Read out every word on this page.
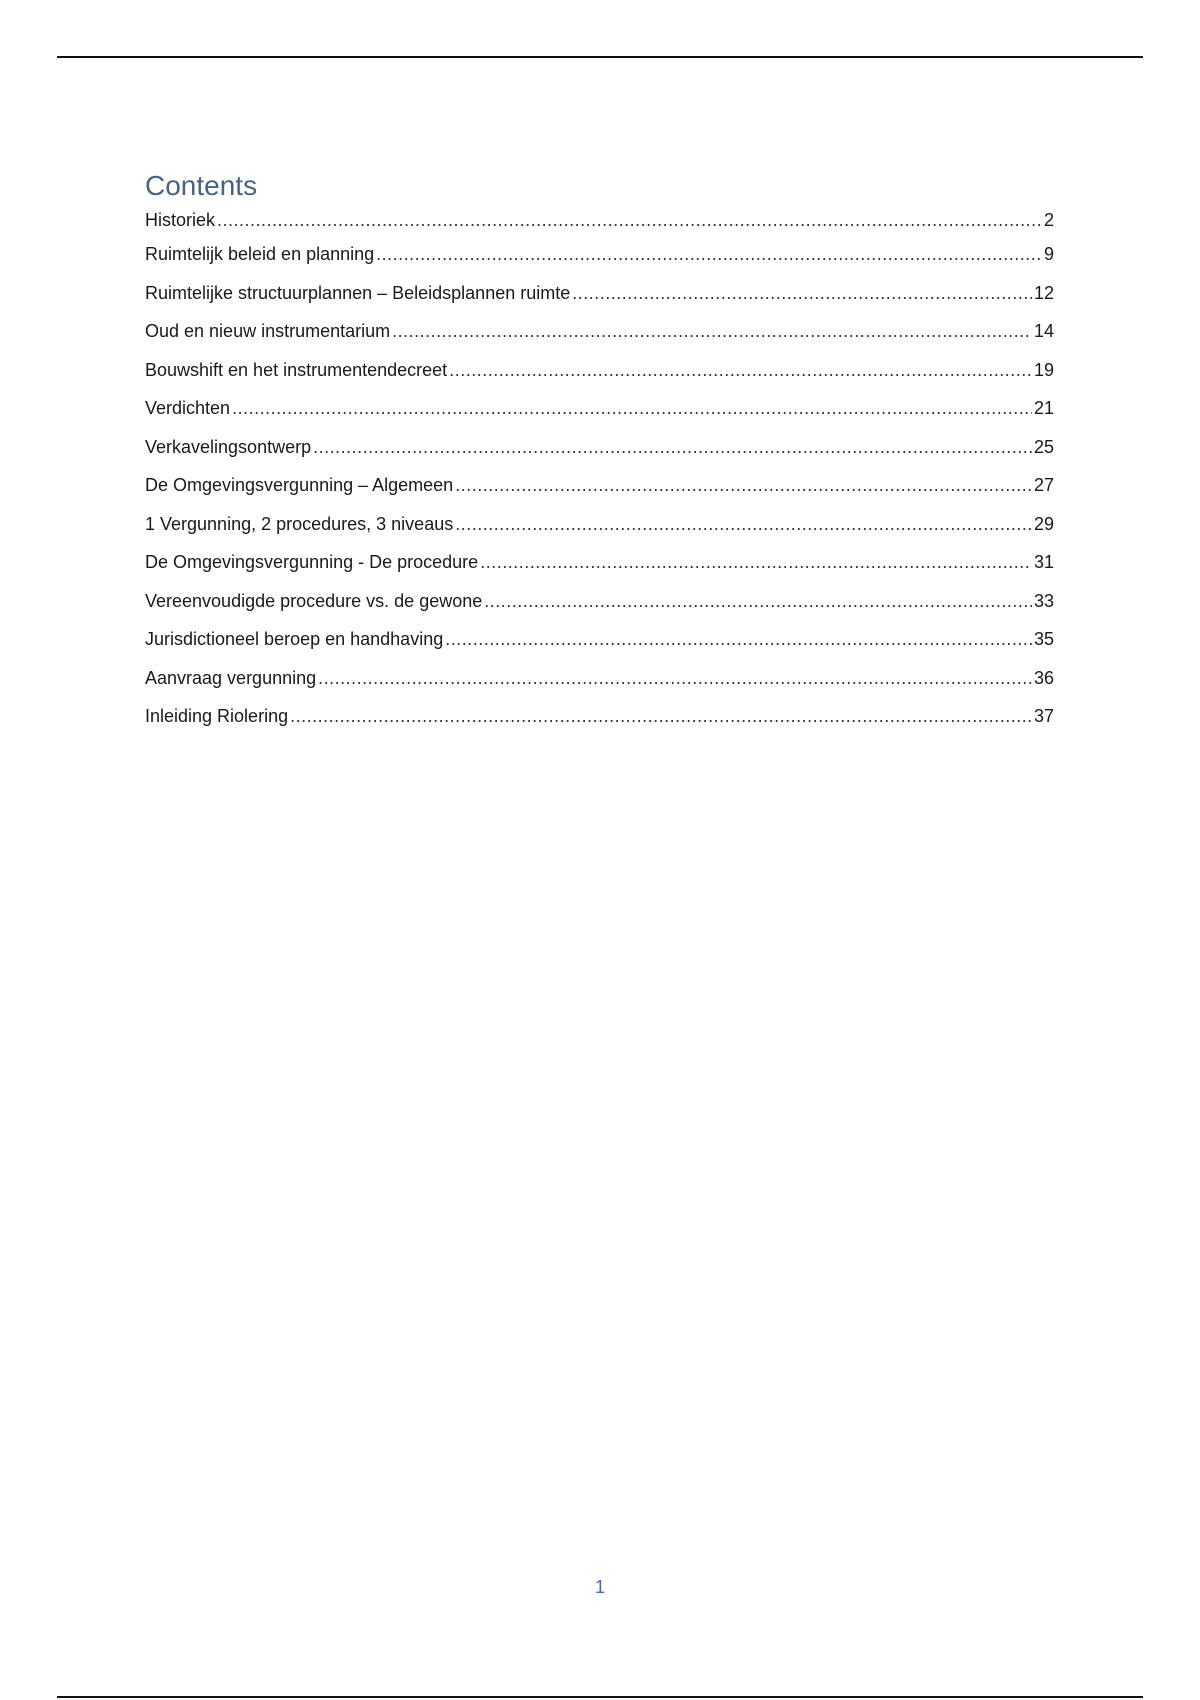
Contents
Historiek .....	2
Ruimtelijk beleid en planning .....	9
Ruimtelijke structuurplannen – Beleidsplannen ruimte .....	12
Oud en nieuw instrumentarium .....	14
Bouwshift en het instrumentendecreet .....	19
Verdichten .....	21
Verkavelingsontwerp .....	25
De Omgevingsvergunning – Algemeen .....	27
1 Vergunning, 2 procedures, 3 niveaus .....	29
De Omgevingsvergunning - De procedure .....	31
Vereenvoudigde procedure vs. de gewone .....	33
Jurisdictioneel beroep en handhaving .....	35
Aanvraag vergunning .....	36
Inleiding Riolering .....	37
1
